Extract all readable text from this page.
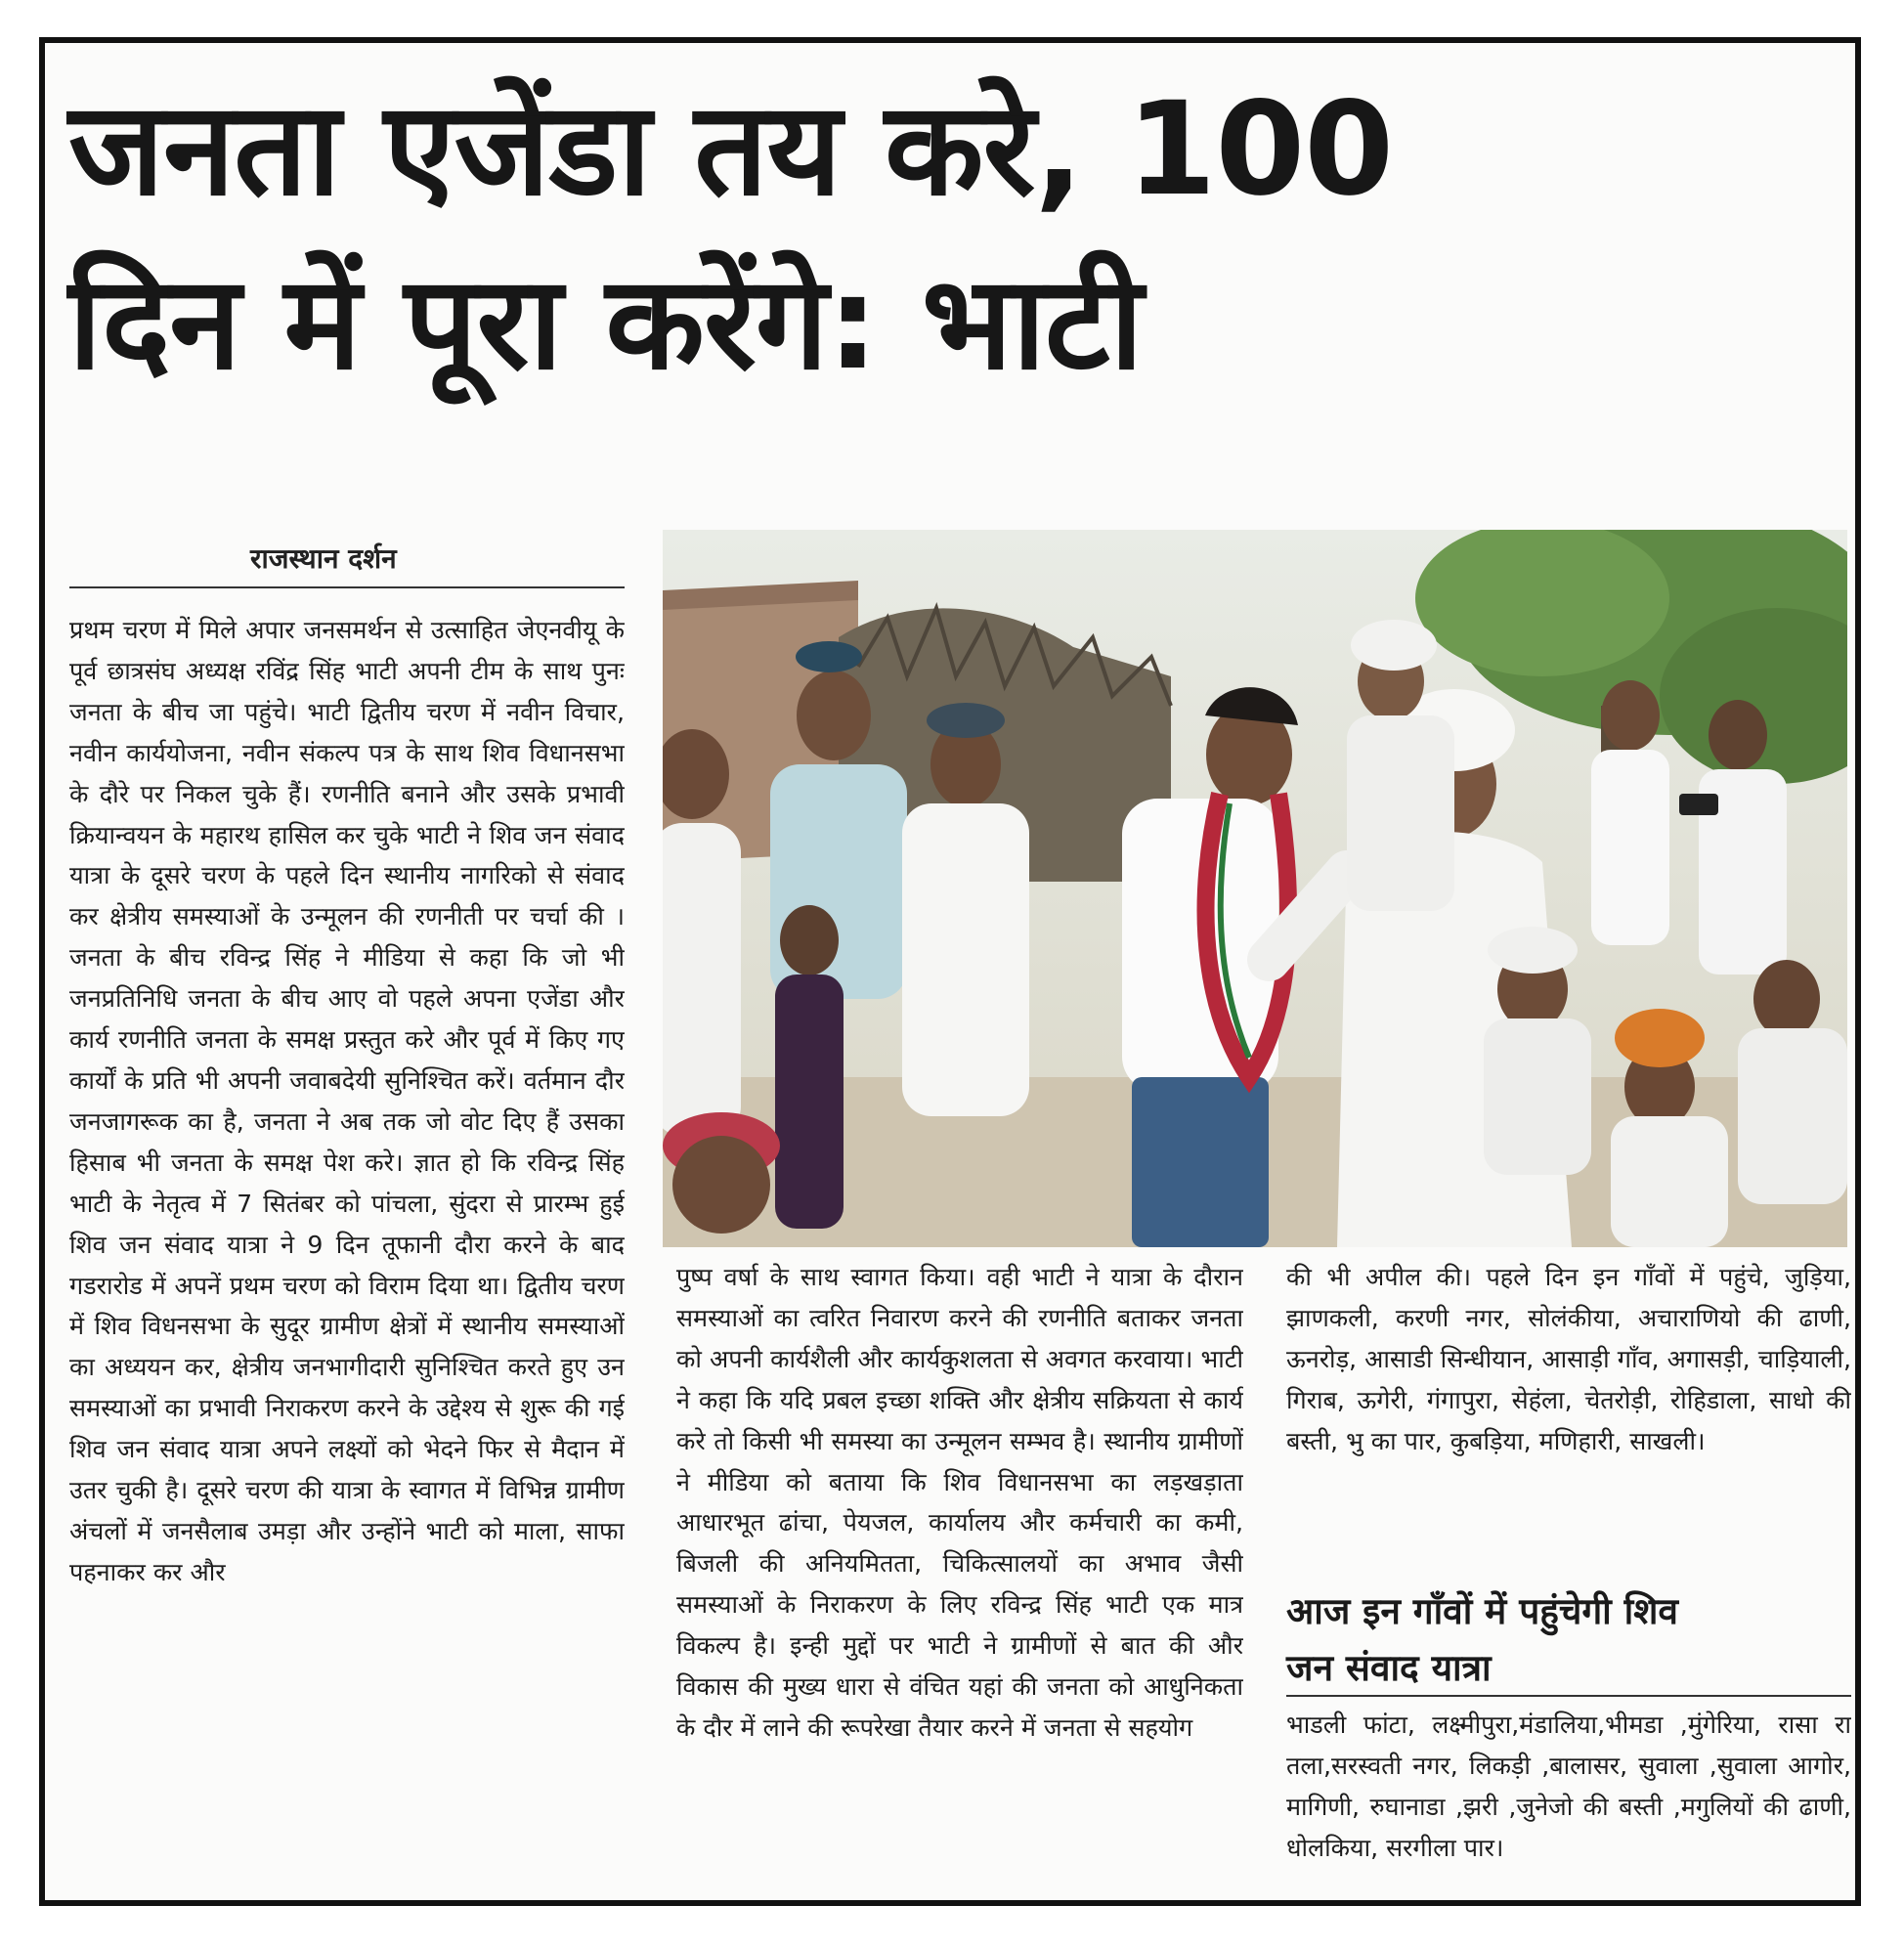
जनता एजेंडा तय करे, 100
दिन में पूरा करेंगे: भाटी
राजस्थान दर्शन

प्रथम चरण में मिले अपार जनसमर्थन से उत्साहित जेएनवीयू के पूर्व छात्रसंघ अध्यक्ष रविंद्र सिंह भाटी अपनी टीम के साथ पुनः जनता के बीच जा पहुंचे। भाटी द्वितीय चरण में नवीन विचार, नवीन कार्ययोजना, नवीन संकल्प पत्र के साथ शिव विधानसभा के दौरे पर निकल चुके हैं। रणनीति बनाने और उसके प्रभावी क्रियान्वयन के महारथ हासिल कर चुके भाटी ने शिव जन संवाद यात्रा के दूसरे चरण के पहले दिन स्थानीय नागरिको से संवाद कर क्षेत्रीय समस्याओं के उन्मूलन की रणनीती पर चर्चा की । जनता के बीच रविन्द्र सिंह ने मीडिया से कहा कि जो भी जनप्रतिनिधि जनता के बीच आए वो पहले अपना एजेंडा और कार्य रणनीति जनता के समक्ष प्रस्तुत करे और पूर्व में किए गए कार्यों के प्रति भी अपनी जवाबदेयी सुनिश्चित करें। वर्तमान दौर जनजागरूक का है, जनता ने अब तक जो वोट दिए हैं उसका हिसाब भी जनता के समक्ष पेश करे। ज्ञात हो कि रविन्द्र सिंह भाटी के नेतृत्व में 7 सितंबर को पांचला, सुंदरा से प्रारम्भ हुई शिव जन संवाद यात्रा ने 9 दिन तूफानी दौरा करने के बाद गडरारोड में अपनें प्रथम चरण को विराम दिया था। द्वितीय चरण में शिव विधनसभा के सुदूर ग्रामीण क्षेत्रों में स्थानीय समस्याओं का अध्ययन कर, क्षेत्रीय जनभागीदारी सुनिश्चित करते हुए उन समस्याओं का प्रभावी निराकरण करने के उद्देश्य से शुरू की गई शिव जन संवाद यात्रा अपने लक्ष्यों को भेदने फिर से मैदान में उतर चुकी है। दूसरे चरण की यात्रा के स्वागत में विभिन्न ग्रामीण अंचलों में जनसैलाब उमड़ा और उन्होंने भाटी को माला, साफा पहनाकर कर और

पुष्प वर्षा के साथ स्वागत किया। वही भाटी ने यात्रा के दौरान समस्याओं का त्वरित निवारण करने की रणनीति बताकर जनता को अपनी कार्यशैली और कार्यकुशलता से अवगत करवाया। भाटी ने कहा कि यदि प्रबल इच्छा शक्ति और क्षेत्रीय सक्रियता से कार्य करे तो किसी भी समस्या का उन्मूलन सम्भव है। स्थानीय ग्रामीणों ने मीडिया को बताया कि शिव विधानसभा का लड़खड़ाता आधारभूत ढांचा, पेयजल, कार्यालय और कर्मचारी का कमी, बिजली की अनियमितता, चिकित्सालयों का अभाव जैसी समस्याओं के निराकरण के लिए रविन्द्र सिंह भाटी एक मात्र विकल्प है। इन्ही मुद्दों पर भाटी ने ग्रामीणों से बात की और विकास की मुख्य धारा से वंचित यहां की जनता को आधुनिकता के दौर में लाने की रूपरेखा तैयार करने में जनता से सहयोग

की भी अपील की। पहले दिन इन गाँवों में पहुंचे, जुड़िया, झाणकली, करणी नगर, सोलंकीया, अचाराणियो की ढाणी, ऊनरोड़, आसाडी सिन्धीयान, आसाड़ी गाँव, अगासड़ी, चाड़ियाली, गिराब, ऊगेरी, गंगापुरा, सेहंला, चेतरोड़ी, रोहिडाला, साधो की बस्ती, भु का पार, कुबड़िया, मणिहारी, साखली।

आज इन गाँवों में पहुंचेगी शिव
जन संवाद यात्रा

भाडली फांटा, लक्ष्मीपुरा,मंडालिया,भीमडा ,मुंगेरिया, रासा रा तला,सरस्वती नगर, लिकड़ी ,बालासर, सुवाला ,सुवाला आगोर, मागिणी, रुघानाडा ,झरी ,जुनेजो की बस्ती ,मगुलियों की ढाणी, धोलकिया, सरगीला पार।
